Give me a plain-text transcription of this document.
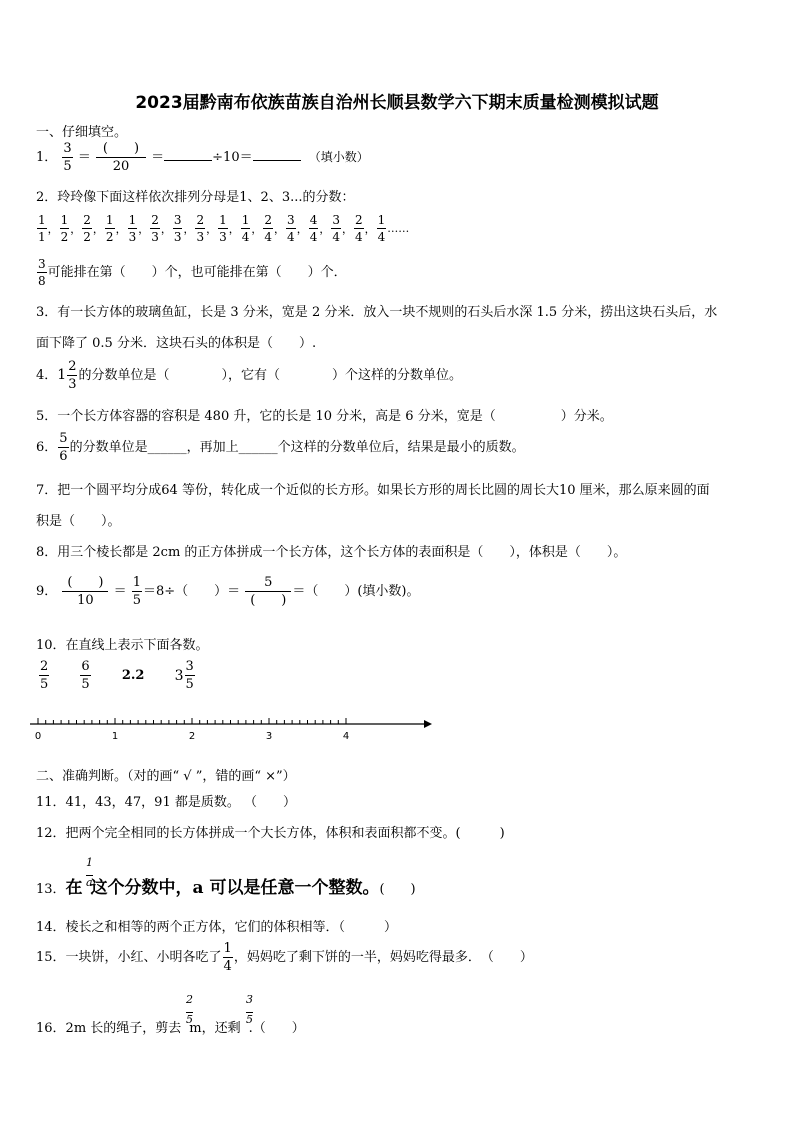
2023届黔南布依族苗族自治州长顺县数学六下期末质量检测模拟试题
一、仔细填空。
1． $\frac{3}{5} = \frac{( )}{20}$ ＝	÷10＝	（填小数）
2．玲玲像下面这样依次排列分母是1、2、3...的分数：
$\frac{1}{1}$ ， $\frac{1}{2}$ ， $\frac{2}{2}$ ， $\frac{1}{2}$ ， $\frac{1}{3}$ ， $\frac{2}{3}$ ， $\frac{3}{3}$ ， $\frac{2}{3}$ ， $\frac{1}{3}$ ， $\frac{1}{4}$ ， $\frac{2}{4}$ ， $\frac{3}{4}$ ， $\frac{4}{4}$ ， $\frac{3}{4}$ ， $\frac{2}{4}$ ， $\frac{1}{4}$ ……
$\frac{3}{8}$ 可能排在第（　　）个，也可能排在第（　　）个．
3．有一长方体的玻璃鱼缸，长是 3 分米，宽是 2 分米．放入一块不规则的石头后水深 1.5 分米，捞出这块石头后，水
面下降了 0.5 分米．这块石头的体积是（　　）.
4．$1 \frac{2}{3}$ 的分数单位是（　　　　），它有（　　　　）个这样的分数单位。
5．一个长方体容器的容积是 480 升，它的长是 10 分米，高是 6 分米，宽是（　　　　　）分米。
6． $\frac{5}{6}$ 的分数单位是______，再加上______个这样的分数单位后，结果是最小的质数。
7．把一个圆平均分成64 等份，转化成一个近似的长方形。如果长方形的周长比圆的周长大10 厘米，那么原来圆的面
积是（　　）。
8．用三个棱长都是 2cm 的正方体拼成一个长方体，这个长方体的表面积是（　　），体积是（　　）。
9． $\frac{( )}{10} = \frac{1}{5} =8\div$（　　）＝ $\frac{5}{( )}$ ＝（　　）(填小数)。
10．在直线上表示下面各数。
$\frac{2}{5}$
$\frac{6}{5} 2.2$ $3 \frac{3}{5}$
0	1	2	3	4
二、准确判断。（对的画“ √ ”，错的画“ ×”）
11．41，43，47，91 都是质数。 （　　）
12．把两个完全相同的长方体拼成一个大长方体，体积和表面积都不变。(　　　)
13．在 这个分数中，a 可以是任意一个整数。(　　)
1
a
14．棱长之和相等的两个正方体，它们的体积相等．（　　　）
15．一块饼，小红、小明各吃了 $\frac{1}{4}$ ，妈妈吃了剩下饼的一半，妈妈吃得最多．　（　　）
16．2m 长的绳子，剪去 m，还剩 .（　　）
2
5
3
5
